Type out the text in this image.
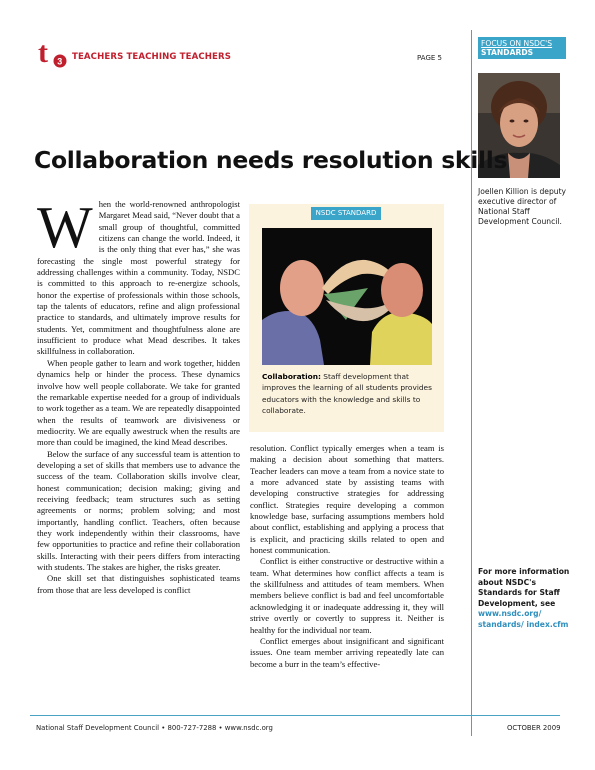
t 3 TEACHERS TEACHING TEACHERS	PAGE 5
FOCUS ON NSDC'S
STANDARDS
Joellen Killion is deputy executive director of National Staff Development Council.
For more information about NSDC's Standards for Staff Development, see
www.nsdc.org/ standards/ index.cfm
Collaboration needs resolution skills
W hen the world-renowned anthropologist Margaret Mead said, “Never doubt that a small group of thoughtful, committed citizens can change the world. Indeed, it is the only thing that ever has,” she was forecasting the single most powerful strategy for addressing challenges within a community. Today, NSDC is committed to this approach to re-energize schools, honor the expertise of professionals within those schools, tap the talents of educators, refine and align professional practice to standards, and ultimately improve results for students. Yet, commitment and thoughtfulness alone are insufficient to produce what Mead describes. It takes skillfulness in collaboration.

When people gather to learn and work together, hidden dynamics help or hinder the process. These dynamics involve how well people collaborate. We take for granted the remarkable expertise needed for a group of individuals to work together as a team. We are repeatedly disappointed when the results of teamwork are divisiveness or mediocrity. We are equally awestruck when the results are more than could be imagined, the kind Mead describes.

Below the surface of any successful team is attention to developing a set of skills that members use to advance the success of the team. Collaboration skills involve clear, honest communication; decision making; giving and receiving feedback; team structures such as setting agreements or norms; problem solving; and most importantly, handling conflict. Teachers, often because they work independently within their classrooms, have few opportunities to practice and refine their collaboration skills. Interacting with their peers differs from interacting with students. The stakes are higher, the risks greater.

One skill set that distinguishes sophisticated teams from those that are less developed is conflict

NSDC STANDARD
Collaboration: Staff development that improves the learning of all students provides educators with the knowledge and skills to collaborate.

resolution. Conflict typically emerges when a team is making a decision about something that matters. Teacher leaders can move a team from a novice state to a more advanced state by assisting teams with developing constructive strategies for addressing conflict. Strategies require developing a common knowledge base, surfacing assumptions members hold about conflict, establishing and applying a process that is explicit, and practicing skills related to open and honest communication.

Conflict is either constructive or destructive within a team. What determines how conflict affects a team is the skillfulness and attitudes of team members. When members believe conflict is bad and feel uncomfortable acknowledging it or inadequate addressing it, they will strive overtly or covertly to suppress it. Neither is healthy for the individual nor team.

Conflict emerges about insignificant and significant issues. One team member arriving repeatedly late can become a burr in the team’s effective-

National Staff Development Council • 800-727-7288 • www.nsdc.org	OCTOBER 2009
